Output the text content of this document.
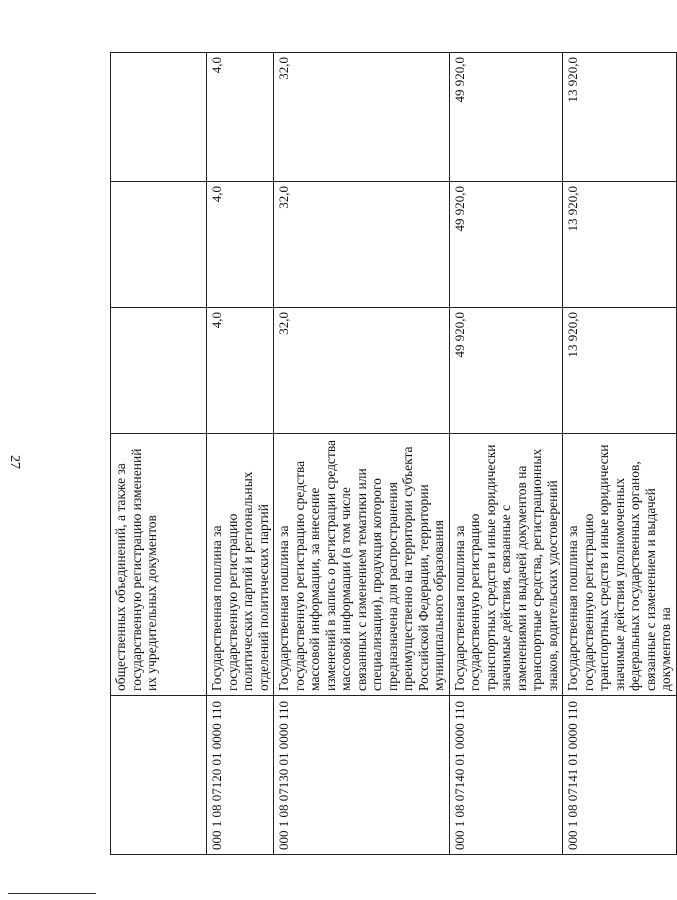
27
	общественных объединений, а также за государственную регистрацию изменений их учредительных документов			
000 1 08 07120 01 0000 110	Государственная пошлина за государственную регистрацию политических партий и региональных отделений политических партий	4,0	4,0	4,0
000 1 08 07130 01 0000 110	Государственная пошлина за государственную регистрацию средства массовой информации, за внесение изменений в запись о регистрации средства массовой информации (в том числе связанных с изменением тематики или специализации), продукция которого предназначена для распространения преимущественно на территории субъекта Российской Федерации, территории муниципального образования	32,0	32,0	32,0
000 1 08 07140 01 0000 110	Государственная пошлина за государственную регистрацию транспортных средств и иные юридически значимые действия, связанные с изменениями и выдачей документов на транспортные средства, регистрационных знаков, водительских удостоверений	49 920,0	49 920,0	49 920,0
000 1 08 07141 01 0000 110	Государственная пошлина за государственную регистрацию транспортных средств и иные юридически значимые действия уполномоченных федеральных государственных органов, связанные с изменением и выдачей документов на	13 920,0	13 920,0	13 920,0
